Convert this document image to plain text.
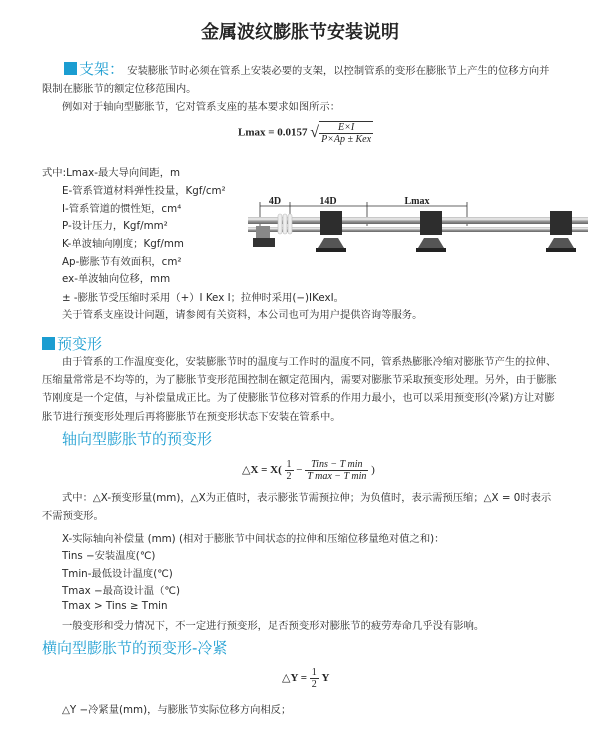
金属波纹膨胀节安装说明
支架： 安装膨胀节时必须在管系上安装必要的支架，以控制管系的变形在膨胀节上产生的位移方向并
限制在膨胀节的额定位移范围内。
例如对于轴向型膨胀节，它对管系支座的基本要求如图所示：
Lmax = 0.0157 √ $\frac{E\times I}{\text{P×Ap ± Kex}}$
式中:Lmax-最大导向间距，m
E-管系管道材料弹性投量，Kgf/cm²
I-管系管道的惯性矩，cm⁴
P-设计压力，Kgf/mm²
K-单波轴向刚度；Kgf/mm
Ap-膨胀节有效面积，cm²
ex-单波轴向位移，mm
± -膨胀节受压缩时采用（+）I Kex I；拉伸时采用(−)IKexI。
关于管系支座设计问题，请参阅有关资料，本公司也可为用户提供咨询等服务。
4D	14D	Lmax
预变形
由于管系的工作温度变化，安装膨胀节时的温度与工作时的温度不同，管系热膨胀冷缩对膨胀节产生的拉伸、压缩量常常是不均等的，为了膨胀节变形范围控制在额定范围内，需要对膨胀节采取预变形处理。另外，由于膨胀节刚度是一个定值，与补偿量成正比。为了使膨胀节位移对管系的作用力最小，也可以采用预变形(冷紧)方让对膨胀节进行预变形处理后再将膨胀节在预变形状态下安装在管系中。
轴向型膨胀节的预变形
△X = $X( \frac{1}{2} - \frac{\text{Tins − T min}}{\text{T max − T min}}$ )
式中：△X-预变形量(mm)，△X为正值时，表示膨张节需预拉伸；为负值时，表示需预压缩；△X = 0时表示不需预变形。
X-实际轴向补偿量 (mm) (相对于膨胀节中间状态的拉伸和压缩位移量绝对值之和)：
Tins −安装温度(℃)
Tmin-最低设计温度(℃)
Tmax −最高设计温（℃)
Tmax > Tins ≥ Tmin
一般变形和受力情况下，不一定进行预变形，足否预变形对膨胀节的疲劳寿命几乎没有影响。
横向型膨胀节的预变形-冷紧
△Y = $\frac{1}{2}$ Y
△Y −冷紧量(mm)，与膨胀节实际位移方向相反；
